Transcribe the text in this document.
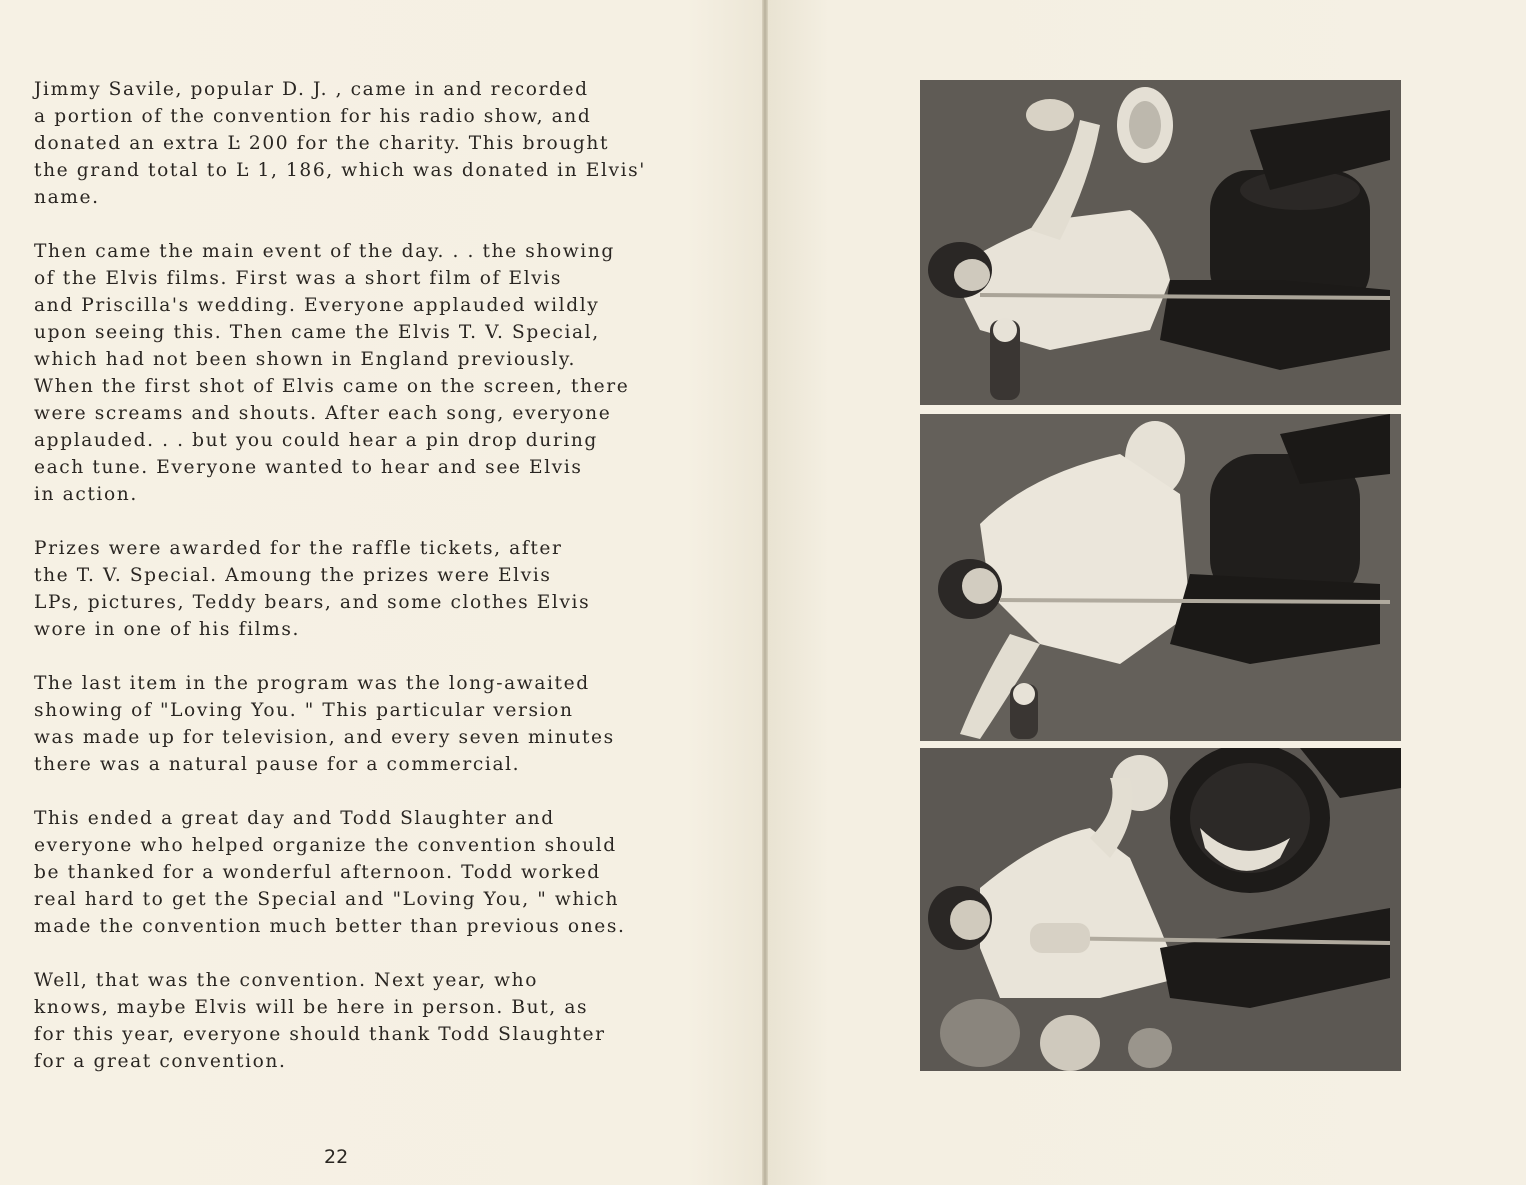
Jimmy Savile, popular D. J. , came in and recorded
a portion of the convention for his radio show, and
donated an extra Ŀ 200 for the charity. This brought
the grand total to Ŀ 1, 186, which was donated in Elvis'
name.

Then came the main event of the day. . . the showing
of the Elvis films. First was a short film of Elvis
and Priscilla's wedding. Everyone applauded wildly
upon seeing this. Then came the Elvis T. V. Special,
which had not been shown in England previously.
When the first shot of Elvis came on the screen, there
were screams and shouts. After each song, everyone
applauded. . . but you could hear a pin drop during
each tune. Everyone wanted to hear and see Elvis
in action.

Prizes were awarded for the raffle tickets, after
the T. V. Special. Amoung the prizes were Elvis
LPs, pictures, Teddy bears, and some clothes Elvis
wore in one of his films.

The last item in the program was the long-awaited
showing of "Loving You. " This particular version
was made up for television, and every seven minutes
there was a natural pause for a commercial.

This ended a great day and Todd Slaughter and
everyone who helped organize the convention should
be thanked for a wonderful afternoon. Todd worked
real hard to get the Special and "Loving You, " which
made the convention much better than previous ones.

Well, that was the convention. Next year, who
knows, maybe Elvis will be here in person. But, as
for this year, everyone should thank Todd Slaughter
for a great convention.

22
